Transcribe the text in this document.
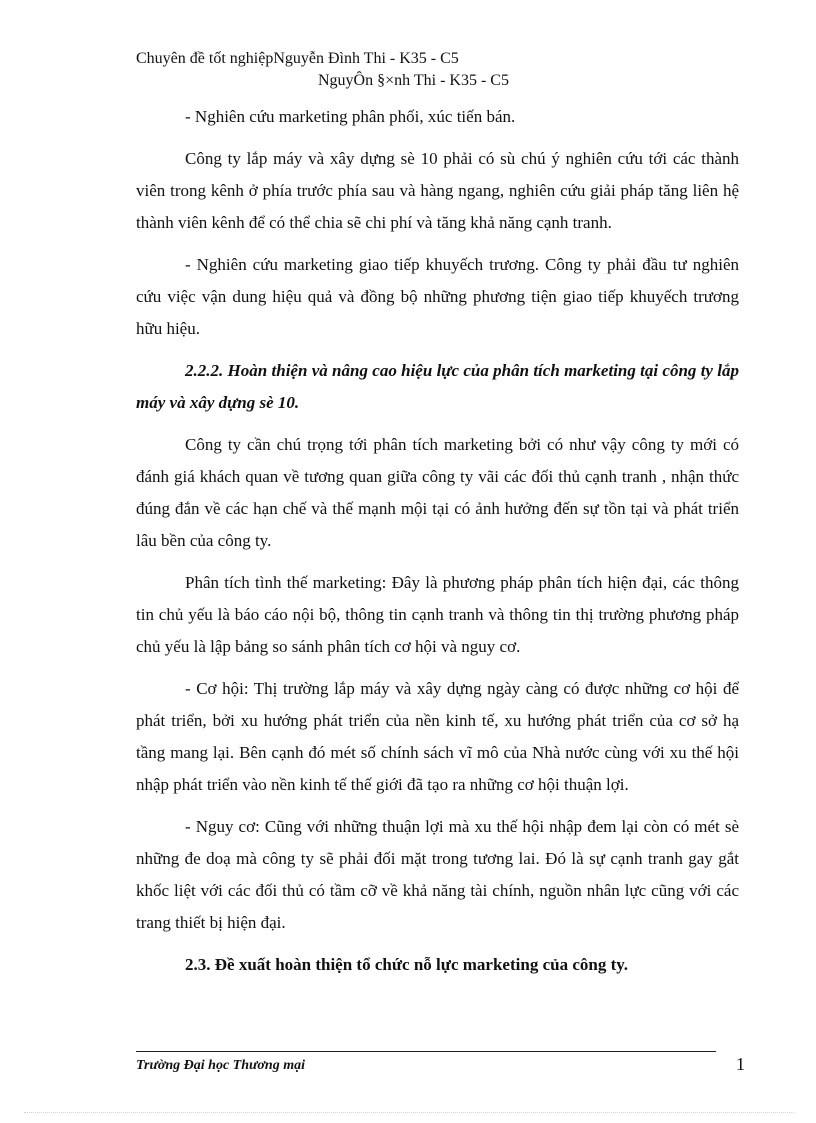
Chuyên đề tốt nghiệpNguyễn Đình Thi - K35 - C5
NguyÔn §×nh Thi - K35 - C5

- Nghiên cứu marketing phân phối, xúc tiến bán.

Công ty lắp máy và xây dựng sè 10 phải có sù chú ý nghiên cứu tới các thành viên trong kênh ở phía trước phía sau và hàng ngang, nghiên cứu giải pháp tăng liên hệ thành viên kênh để có thể chia sẽ chi phí và tăng khả năng cạnh tranh.

- Nghiên cứu marketing giao tiếp khuyếch trương. Công ty phải đầu tư nghiên cứu việc vận dung hiệu quả và đồng bộ những phương tiện giao tiếp khuyếch trương hữu hiệu.

2.2.2. Hoàn thiện và nâng cao hiệu lực của phân tích marketing tại công ty lắp máy và xây dựng sè 10.

Công ty cần chú trọng tới phân tích marketing bởi có như vậy công ty mới có đánh giá khách quan về tương quan giữa công ty vãi các đối thủ cạnh tranh , nhận thức đúng đắn về các hạn chế và thế mạnh mội tại có ảnh hưởng đến sự tồn tại và phát triển lâu bền của công ty.

Phân tích tình thế marketing: Đây là phương pháp phân tích hiện đại, các thông tin chủ yếu là báo cáo nội bộ, thông tin cạnh tranh và thông tin thị trường phương pháp chủ yếu là lập bảng so sánh phân tích cơ hội và nguy cơ.

- Cơ hội: Thị trường lắp máy và xây dựng ngày càng có được những cơ hội để phát triển, bởi xu hướng phát triển của nền kinh tế, xu hướng phát triển của cơ sở hạ tầng mang lại. Bên cạnh đó mét số chính sách vĩ mô của Nhà nước cùng với xu thế hội nhập phát triển vào nền kinh tế thế giới đã tạo ra những cơ hội thuận lợi.

- Nguy cơ: Cũng với những thuận lợi mà xu thế hội nhập đem lại còn có mét sè những đe doạ mà công ty sẽ phải đối mặt trong tương lai. Đó là sự cạnh tranh gay gắt khốc liệt với các đối thủ có tầm cỡ về khả năng tài chính, nguồn nhân lực cũng với các trang thiết bị hiện đại.

2.3. Đề xuất hoàn thiện tổ chức nỗ lực marketing của công ty.

Trường Đại học Thương mại	1
